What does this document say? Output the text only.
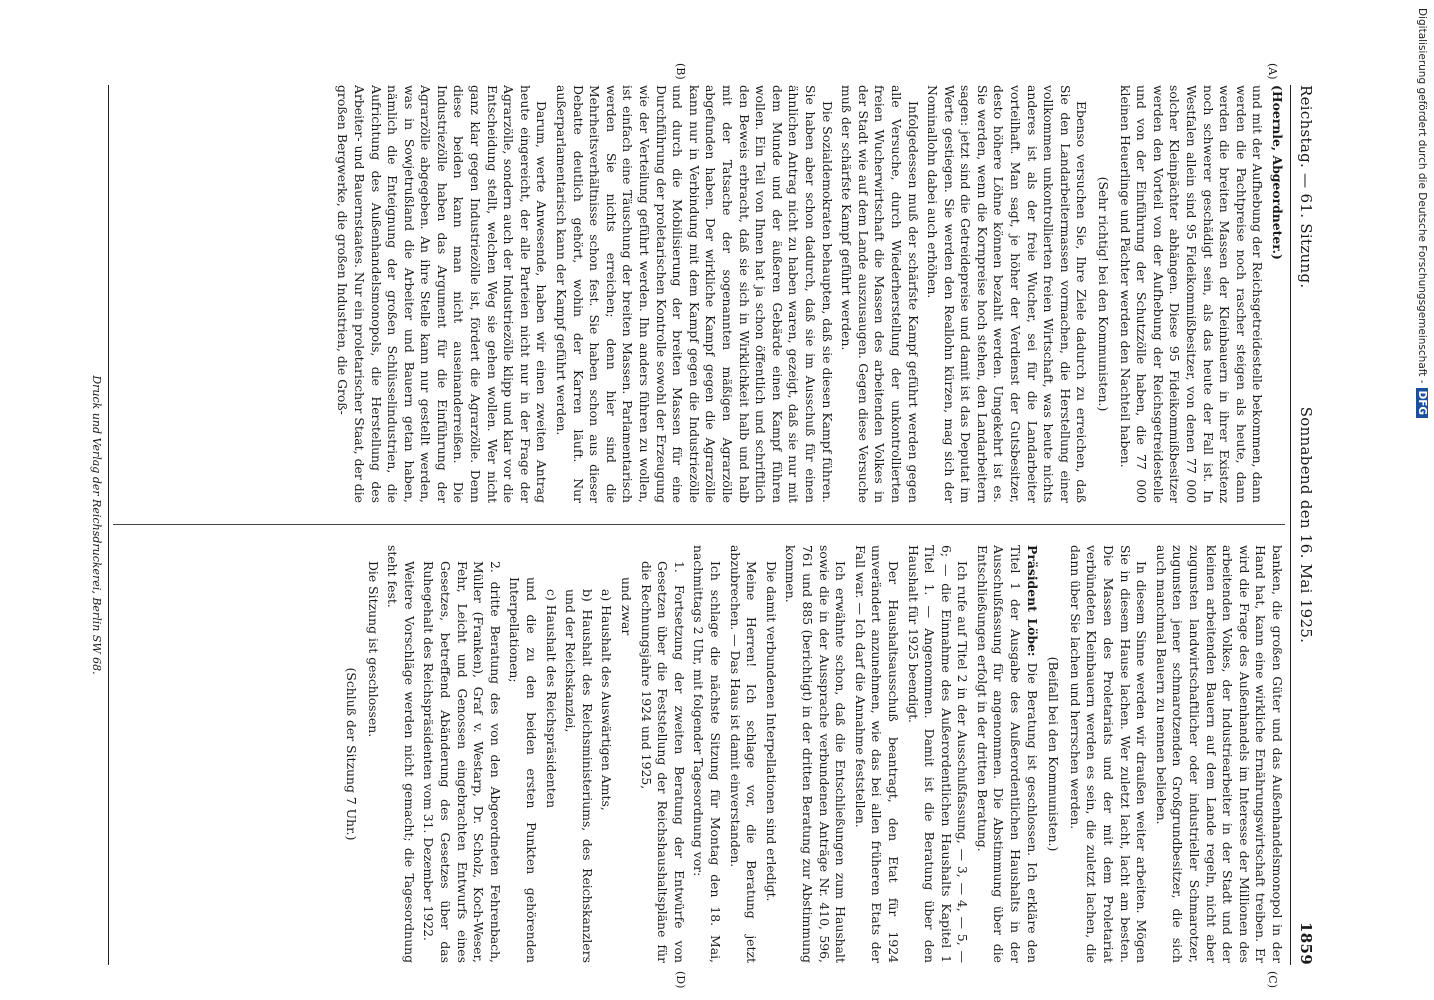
Reichstag. — 61. Sitzung.
Sonnabend den 16. Mai 1925.
1859
(A)
(B)
(C)
(D)

(Hoernle, Abgeordneter.)

und mit der Aufhebung der Reichsgetreidestelle bekommen, dann werden die Pachtpreise noch rascher steigen als heute, dann werden die breiten Massen der Kleinbauern in ihrer Existenz noch schwerer geschädigt sein, als das heute der Fall ist. In Westfalen allein sind 95 Fideikommißbesitzer, von denen 77 000 solcher Kleinpächter abhängen. Diese 95 Fideikommißbesitzer werden den Vorteil von der Aufhebung der Reichsgetreidestelle und von der Einführung der Schutzzölle haben, die 77 000 kleinen Heuerlinge und Pächter werden den Nachteil haben.

(Sehr richtig! bei den Kommunisten.)

Ebenso versuchen Sie, Ihre Ziele dadurch zu erreichen, daß Sie den Landarbeitermassen vormachen, die Herstellung einer vollkommen unkontrollierten freien Wirtschaft, was heute nichts anderes ist als der freie Wucher, sei für die Landarbeiter vorteilhaft. Man sagt, je höher der Verdienst der Gutsbesitzer, desto höhere Löhne können bezahlt werden. Umgekehrt ist es. Sie werden, wenn die Kornpreise hoch stehen, den Landarbeitern sagen: jetzt sind die Getreidepreise und damit ist das Deputat im Werte gestiegen. Sie werden den Reallohn kürzen, mag sich der Nominallohn dabei auch erhöhen.

Infolgedessen muß der schärfste Kampf geführt werden gegen alle Versuche, durch Wiederherstellung der unkontrollierten freien Wucherwirtschaft die Massen des arbeitenden Volkes in der Stadt wie auf dem Lande auszusaugen. Gegen diese Versuche muß der schärfste Kampf geführt werden.

Die Sozialdemokraten behaupten, daß sie diesen Kampf führen. Sie haben aber schon dadurch, daß sie im Ausschuß für einen ähnlichen Antrag nicht zu haben waren, gezeigt, daß sie nur mit dem Munde und der äußeren Gebärde einen Kampf führen wollen. Ein Teil von Ihnen hat ja schon öffentlich und schriftlich den Beweis erbracht, daß sie sich in Wirklichkeit halb und halb mit der Tatsache der sogenannten mäßigen Agrarzölle abgefunden haben. Der wirkliche Kampf gegen die Agrarzölle kann nur in Verbindung mit dem Kampf gegen die Industriezölle und durch die Mobilisierung der breiten Massen für eine Durchführung der proletarischen Kontrolle sowohl der Erzeugung wie der Verteilung geführt werden. Ihn anders führen zu wollen, ist einfach eine Täuschung der breiten Massen. Parlamentarisch werden Sie nichts erreichen; denn hier sind die Mehrheitsverhältnisse schon fest. Sie haben schon aus dieser Debatte deutlich gehört, wohin der Karren läuft. Nur außerparlamentarisch kann der Kampf geführt werden.

Darum, werte Anwesende, haben wir einen zweiten Antrag heute eingereicht, der alle Parteien nicht nur in der Frage der Agrarzölle, sondern auch der Industriezölle klipp und klar vor die Entscheidung stellt, welchen Weg sie gehen wollen. Wer nicht ganz klar gegen Industriezölle ist, fördert die Agrarzölle. Denn diese beiden kann man nicht auseinanderreißen. Die Industriezölle haben das Argument für die Einführung der Agrarzölle abgegeben. An ihre Stelle kann nur gestellt werden, was in Sowjetrußland die Arbeiter und Bauern getan haben, nämlich die Enteignung der großen Schlüsselindustrien, die Aufrichtung des Außenhandelsmonopols, die Herstellung des Arbeiter- und Bauernstaates. Nur ein proletarischer Staat, der die großen Bergwerke, die großen Industrien, die Groß-

banken, die großen Güter und das Außenhandelsmonopol in der Hand hat, kann eine wirkliche Ernährungswirtschaft treiben. Er wird die Frage des Außenhandels im Interesse der Millionen des arbeitenden Volkes, der Industriearbeiter in der Stadt und der kleinen arbeitenden Bauern auf dem Lande regeln, nicht aber zugunsten landwirtschaftlicher oder industrieller Schmarotzer, zugunsten jener schmarotzenden Großgrundbesitzer, die sich auch manchmal Bauern zu nennen belieben.

In diesem Sinne werden wir draußen weiter arbeiten. Mögen Sie in diesem Hause lachen. Wer zuletzt lacht, lacht am besten. Die Massen des Proletariats und der mit dem Proletariat verbündeten Kleinbauern werden es sein, die zuletzt lachen, die dann über Sie lachen und herrschen werden.

(Beifall bei den Kommunisten.)

Präsident Löbe: Die Beratung ist geschlossen. Ich erkläre den Titel 1 der Ausgabe des Außerordentlichen Haushalts in der Ausschußfassung für angenommen. Die Abstimmung über die Entschließungen erfolgt in der dritten Beratung.

Ich rufe auf Titel 2 in der Ausschußfassung, — 3, — 4, — 5, — 6; — die Einnahme des Außerordentlichen Haushalts Kapitel 1 Titel 1. — Angenommen. Damit ist die Beratung über den Haushalt für 1925 beendigt.

Der Haushaltsausschuß beantragt, den Etat für 1924 unverändert anzunehmen, wie das bei allen früheren Etats der Fall war. — Ich darf die Annahme feststellen.

Ich erwähnte schon, daß die Entschließungen zum Haushalt sowie die in der Aussprache verbundenen Anträge Nr. 410, 596, 761 und 885 (berichtigt) in der dritten Beratung zur Abstimmung kommen.

Die damit verbundenen Interpellationen sind erledigt.

Meine Herren! Ich schlage vor, die Beratung jetzt abzubrechen. — Das Haus ist damit einverstanden.

Ich schlage die nächste Sitzung für Montag den 18. Mai, nachmittags 2 Uhr, mit folgender Tagesordnung vor:

1. Fortsetzung der zweiten Beratung der Entwürfe von Gesetzen über die Feststellung der Reichshaushaltspläne für die Rechnungsjahre 1924 und 1925,

und zwar

a) Haushalt des Auswärtigen Amts,

b) Haushalt des Reichsministeriums, des Reichskanzlers und der Reichskanzlei,

c) Haushalt des Reichspräsidenten

und die zu den beiden ersten Punkten gehörenden Interpellationen;

2. dritte Beratung des von den Abgeordneten Fehrenbach, Müller (Franken), Graf v. Westarp, Dr. Scholz, Koch-Weser, Fehr, Leicht und Genossen eingebrachten Entwurfs eines Gesetzes, betreffend Abänderung des Gesetzes über das Ruhegehalt des Reichspräsidenten vom 31. Dezember 1922.

Weitere Vorschläge werden nicht gemacht; die Tagesordnung steht fest.

Die Sitzung ist geschlossen.

(Schluß der Sitzung 7 Uhr.)

Druck und Verlag der Reichsdruckerei, Berlin SW 68.
Digitalisierung gefördert durch die Deutsche Forschungsgemeinschaft -DFG
